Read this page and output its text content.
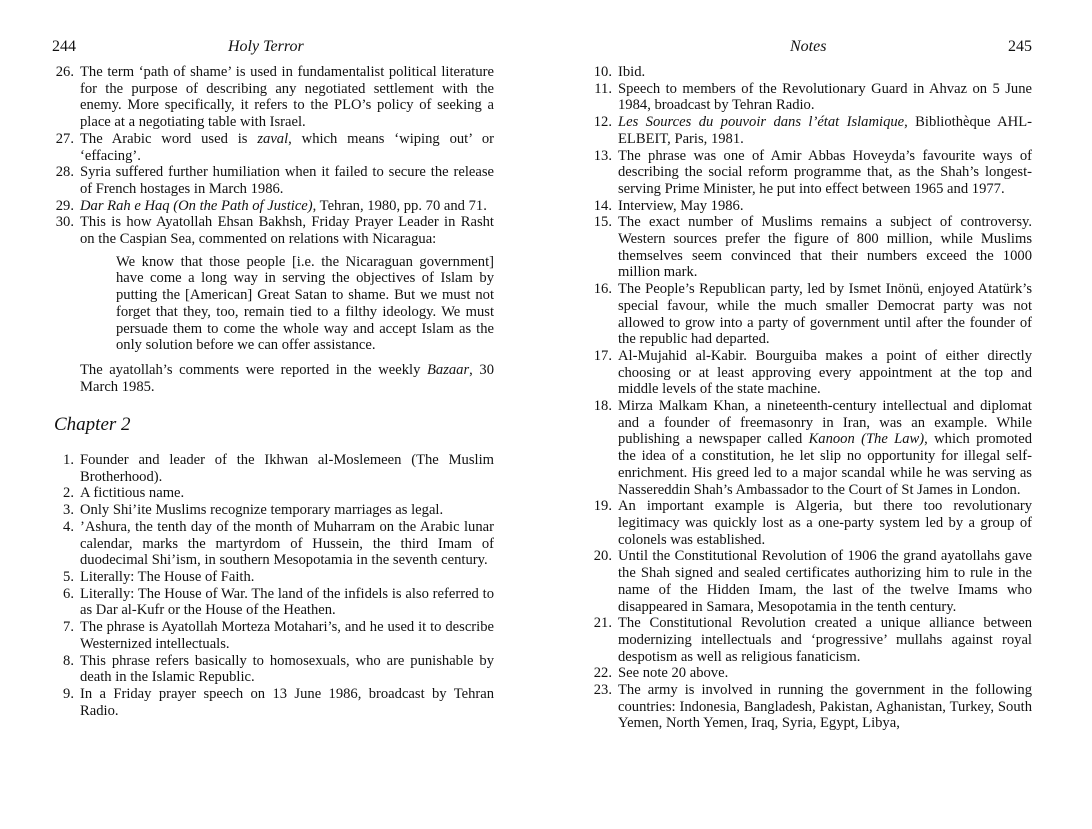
244	Holy Terror
26. The term ‘path of shame’ is used in fundamentalist political literature for the purpose of describing any negotiated settlement with the enemy. More specifically, it refers to the PLO’s policy of seeking a place at a negotiating table with Israel.
27. The Arabic word used is zaval, which means ‘wiping out’ or ‘effacing’.
28. Syria suffered further humiliation when it failed to secure the release of French hostages in March 1986.
29. Dar Rah e Haq (On the Path of Justice), Tehran, 1980, pp. 70 and 71.
30. This is how Ayatollah Ehsan Bakhsh, Friday Prayer Leader in Rasht on the Caspian Sea, commented on relations with Nicaragua:
We know that those people [i.e. the Nicaraguan government] have come a long way in serving the objectives of Islam by putting the [American] Great Satan to shame. But we must not forget that they, too, remain tied to a filthy ideology. We must persuade them to come the whole way and accept Islam as the only solution before we can offer assistance.
The ayatollah’s comments were reported in the weekly Bazaar, 30 March 1985.
Chapter 2
1. Founder and leader of the Ikhwan al-Moslemeen (The Muslim Brotherhood).
2. A fictitious name.
3. Only Shi’ite Muslims recognize temporary marriages as legal.
4. ’Ashura, the tenth day of the month of Muharram on the Arabic lunar calendar, marks the martyrdom of Hussein, the third Imam of duodecimal Shi’ism, in southern Mesopotamia in the seventh century.
5. Literally: The House of Faith.
6. Literally: The House of War. The land of the infidels is also referred to as Dar al-Kufr or the House of the Heathen.
7. The phrase is Ayatollah Morteza Motahari’s, and he used it to describe Westernized intellectuals.
8. This phrase refers basically to homosexuals, who are punishable by death in the Islamic Republic.
9. In a Friday prayer speech on 13 June 1986, broadcast by Tehran Radio.
Notes	245
10. Ibid.
11. Speech to members of the Revolutionary Guard in Ahvaz on 5 June 1984, broadcast by Tehran Radio.
12. Les Sources du pouvoir dans l’état Islamique, Bibliothèque AHL-ELBEIT, Paris, 1981.
13. The phrase was one of Amir Abbas Hoveyda’s favourite ways of describing the social reform programme that, as the Shah’s longest-serving Prime Minister, he put into effect between 1965 and 1977.
14. Interview, May 1986.
15. The exact number of Muslims remains a subject of controversy. Western sources prefer the figure of 800 million, while Muslims themselves seem convinced that their numbers exceed the 1000 million mark.
16. The People’s Republican party, led by Ismet Inönü, enjoyed Atatürk’s special favour, while the much smaller Democrat party was not allowed to grow into a party of government until after the founder of the republic had departed.
17. Al-Mujahid al-Kabir. Bourguiba makes a point of either directly choosing or at least approving every appointment at the top and middle levels of the state machine.
18. Mirza Malkam Khan, a nineteenth-century intellectual and diplomat and a founder of freemasonry in Iran, was an example. While publishing a newspaper called Kanoon (The Law), which promoted the idea of a constitution, he let slip no opportunity for illegal self-enrichment. His greed led to a major scandal while he was serving as Nassereddin Shah’s Ambassador to the Court of St James in London.
19. An important example is Algeria, but there too revolutionary legitimacy was quickly lost as a one-party system led by a group of colonels was established.
20. Until the Constitutional Revolution of 1906 the grand ayatollahs gave the Shah signed and sealed certificates authorizing him to rule in the name of the Hidden Imam, the last of the twelve Imams who disappeared in Samara, Mesopotamia in the tenth century.
21. The Constitutional Revolution created a unique alliance between modernizing intellectuals and ‘progressive’ mullahs against royal despotism as well as religious fanaticism.
22. See note 20 above.
23. The army is involved in running the government in the following countries: Indonesia, Bangladesh, Pakistan, Aghanistan, Turkey, South Yemen, North Yemen, Iraq, Syria, Egypt, Libya,
